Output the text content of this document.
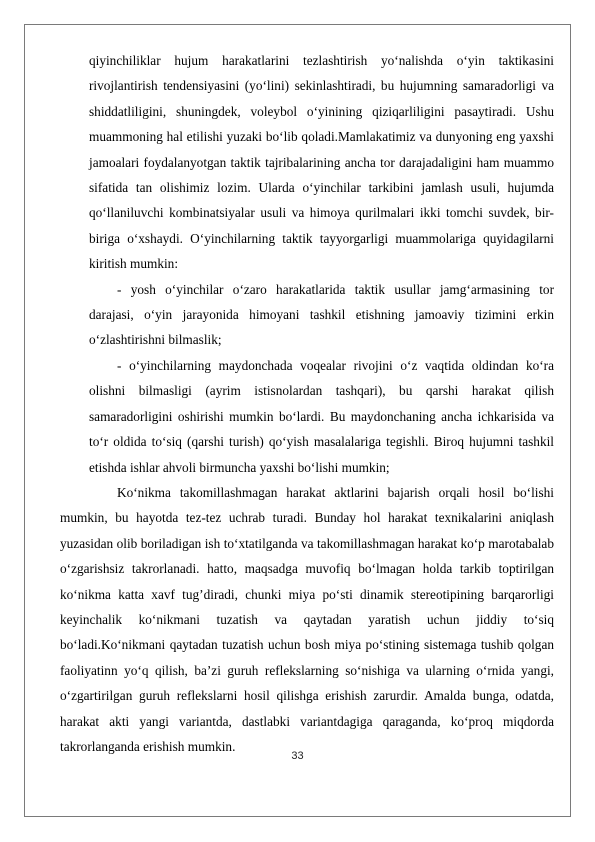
qiyinchiliklar hujum harakatlarini tezlashtirish yo‘nalishda o‘yin taktikasini rivojlantirish tendensiyasini (yo‘lini) sekinlashtiradi, bu hujumning samaradorligi va shiddatliligini, shuningdek, voleybol o‘yinining qiziqarliligini pasaytiradi. Ushu muammoning hal etilishi yuzaki bo‘lib qoladi.Mamlakatimiz va dunyoning eng yaxshi jamoalari foydalanyotgan taktik tajribalarining ancha tor darajadaligini ham muammo sifatida tan olishimiz lozim. Ularda o‘yinchilar tarkibini jamlash usuli, hujumda qo‘llaniluvchi kombinatsiyalar usuli va himoya qurilmalari ikki tomchi suvdek, bir-biriga o‘xshaydi. O‘yinchilarning taktik tayyorgarligi muammolariga quyidagilarni kiritish mumkin:

- yosh o‘yinchilar o‘zaro harakatlarida taktik usullar jamg‘armasining tor darajasi, o‘yin jarayonida himoyani tashkil etishning jamoaviy tizimini erkin o‘zlashtirishni bilmaslik;

- o‘yinchilarning maydonchada voqealar rivojini o‘z vaqtida oldindan ko‘ra olishni bilmasligi (ayrim istisnolardan tashqari), bu qarshi harakat qilish samaradorligini oshirishi mumkin bo‘lardi. Bu maydonchaning ancha ichkarisida va to‘r oldida to‘siq (qarshi turish) qo‘yish masalalariga tegishli. Biroq hujumni tashkil etishda ishlar ahvoli birmuncha yaxshi bo‘lishi mumkin;

Ko‘nikma takomillashmagan harakat aktlarini bajarish orqali hosil bo‘lishi mumkin, bu hayotda tez-tez uchrab turadi. Bunday hol harakat texnikalarini aniqlash yuzasidan olib boriladigan ish to‘xtatilganda va takomillashmagan harakat ko‘p marotabalab o‘zgarishsiz takrorlanadi. hatto, maqsadga muvofiq bo‘lmagan holda tarkib toptirilgan ko‘nikma katta xavf tug’diradi, chunki miya po‘sti dinamik stereotipining barqarorligi keyinchalik ko‘nikmani tuzatish va qaytadan yaratish uchun jiddiy to‘siq bo‘ladi.Ko‘nikmani qaytadan tuzatish uchun bosh miya po‘stining sistemaga tushib qolgan faoliyatinn yo‘q qilish, ba’zi guruh reflekslarning so‘nishiga va ularning o‘rnida yangi, o‘zgartirilgan guruh reflekslarni hosil qilishga erishish zarurdir. Amalda bunga, odatda, harakat akti yangi variantda, dastlabki variantdagiga qaraganda, ko‘proq miqdorda takrorlanganda erishish mumkin.

33
